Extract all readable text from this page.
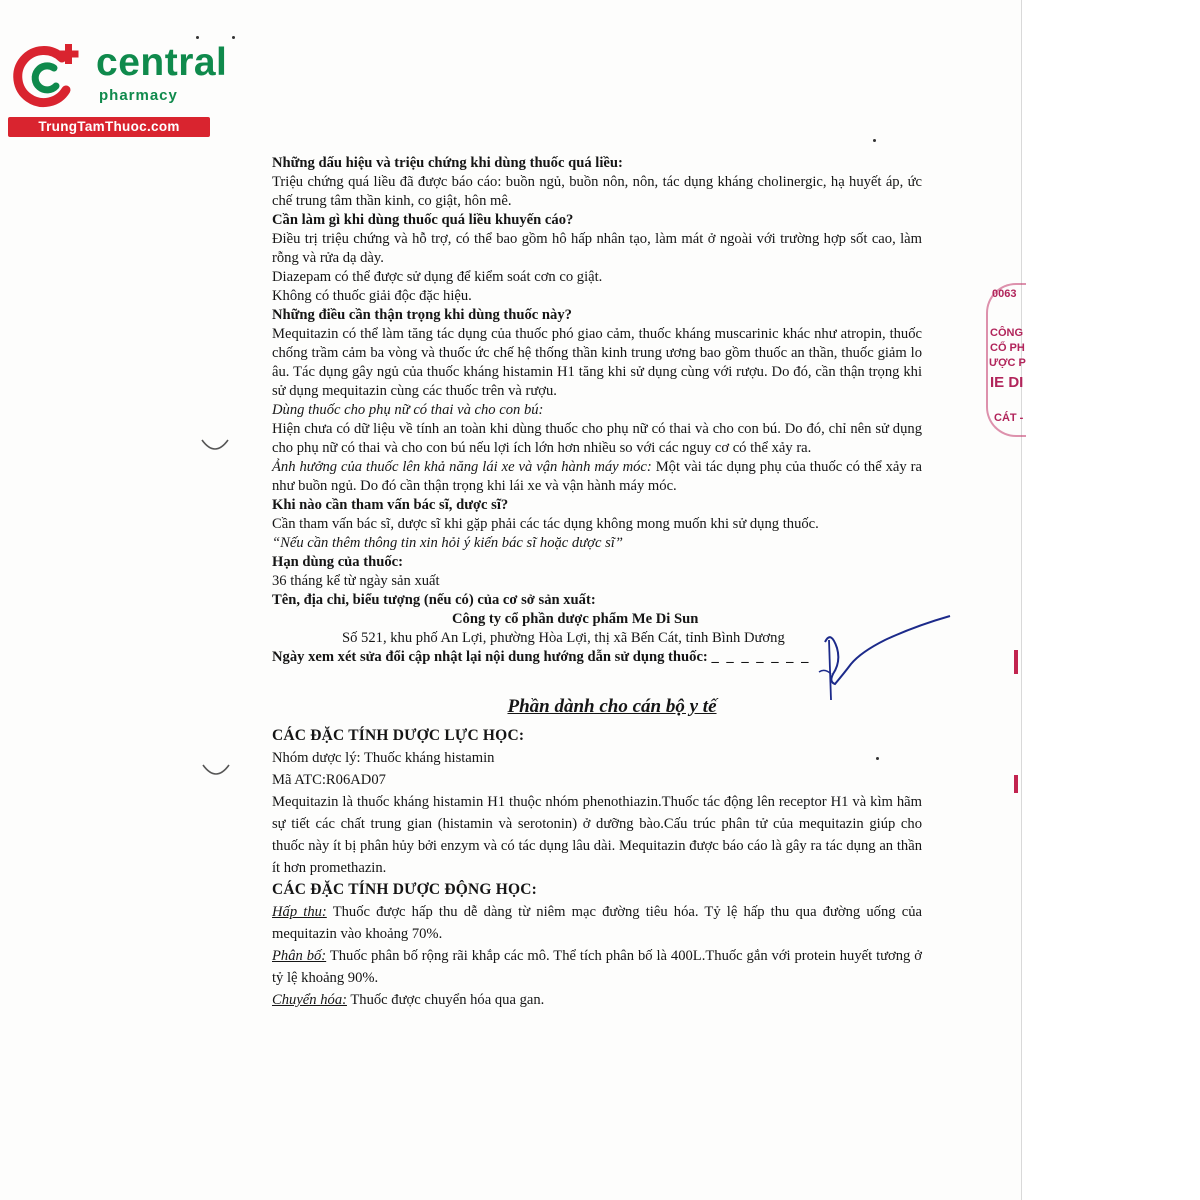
central
pharmacy
TrungTamThuoc.com
0063
CÔNG
CỔ PH
ƯỢC P
IE DI
CÁT -

Những dấu hiệu và triệu chứng khi dùng thuốc quá liều:

Triệu chứng quá liều đã được báo cáo: buồn ngủ, buồn nôn, nôn, tác dụng kháng cholinergic, hạ huyết áp, ức chế trung tâm thần kinh, co giật, hôn mê.

Cần làm gì khi dùng thuốc quá liều khuyến cáo?

Điều trị triệu chứng và hỗ trợ, có thể bao gồm hô hấp nhân tạo, làm mát ở ngoài với trường hợp sốt cao, làm rỗng và rửa dạ dày.

Diazepam có thể được sử dụng để kiểm soát cơn co giật.

Không có thuốc giải độc đặc hiệu.

Những điều cần thận trọng khi dùng thuốc này?

Mequitazin có thể làm tăng tác dụng của thuốc phó giao cảm, thuốc kháng muscarinic khác như atropin, thuốc chống trầm cảm ba vòng và thuốc ức chế hệ thống thần kinh trung ương bao gồm thuốc an thần, thuốc giảm lo âu. Tác dụng gây ngủ của thuốc kháng histamin H1 tăng khi sử dụng cùng với rượu. Do đó, cần thận trọng khi sử dụng mequitazin cùng các thuốc trên và rượu.

Dùng thuốc cho phụ nữ có thai và cho con bú:

Hiện chưa có dữ liệu về tính an toàn khi dùng thuốc cho phụ nữ có thai và cho con bú. Do đó, chỉ nên sử dụng cho phụ nữ có thai và cho con bú nếu lợi ích lớn hơn nhiều so với các nguy cơ có thể xảy ra.

Ảnh hưởng của thuốc lên khả năng lái xe và vận hành máy móc: Một vài tác dụng phụ của thuốc có thể xảy ra như buồn ngủ. Do đó cần thận trọng khi lái xe và vận hành máy móc.

Khi nào cần tham vấn bác sĩ, dược sĩ?

Cần tham vấn bác sĩ, dược sĩ khi gặp phải các tác dụng không mong muốn khi sử dụng thuốc.

“Nếu cần thêm thông tin xin hỏi ý kiến bác sĩ hoặc dược sĩ”

Hạn dùng của thuốc:

36 tháng kể từ ngày sản xuất

Tên, địa chỉ, biểu tượng (nếu có) của cơ sở sản xuất:

Công ty cổ phần dược phẩm Me Di Sun

Số 521, khu phố An Lợi, phường Hòa Lợi, thị xã Bến Cát, tỉnh Bình Dương

Ngày xem xét sửa đổi cập nhật lại nội dung hướng dẫn sử dụng thuốc: _ _ _ _ _ _ _

Phần dành cho cán bộ y tế

CÁC ĐẶC TÍNH DƯỢC LỰC HỌC:

Nhóm dược lý: Thuốc kháng histamin

Mã ATC:R06AD07

Mequitazin là thuốc kháng histamin H1 thuộc nhóm phenothiazin.Thuốc tác động lên receptor H1 và kìm hãm sự tiết các chất trung gian (histamin và serotonin) ở dưỡng bào.Cấu trúc phân tử của mequitazin giúp cho thuốc này ít bị phân hủy bởi enzym và có tác dụng lâu dài. Mequitazin được báo cáo là gây ra tác dụng an thần ít hơn promethazin.

CÁC ĐẶC TÍNH DƯỢC ĐỘNG HỌC:

Hấp thu: Thuốc được hấp thu dễ dàng từ niêm mạc đường tiêu hóa. Tỷ lệ hấp thu qua đường uống của mequitazin vào khoảng 70%.

Phân bố: Thuốc phân bố rộng rãi khắp các mô. Thể tích phân bố là 400L.Thuốc gắn với protein huyết tương ở tỷ lệ khoảng 90%.

Chuyển hóa: Thuốc được chuyển hóa qua gan.
